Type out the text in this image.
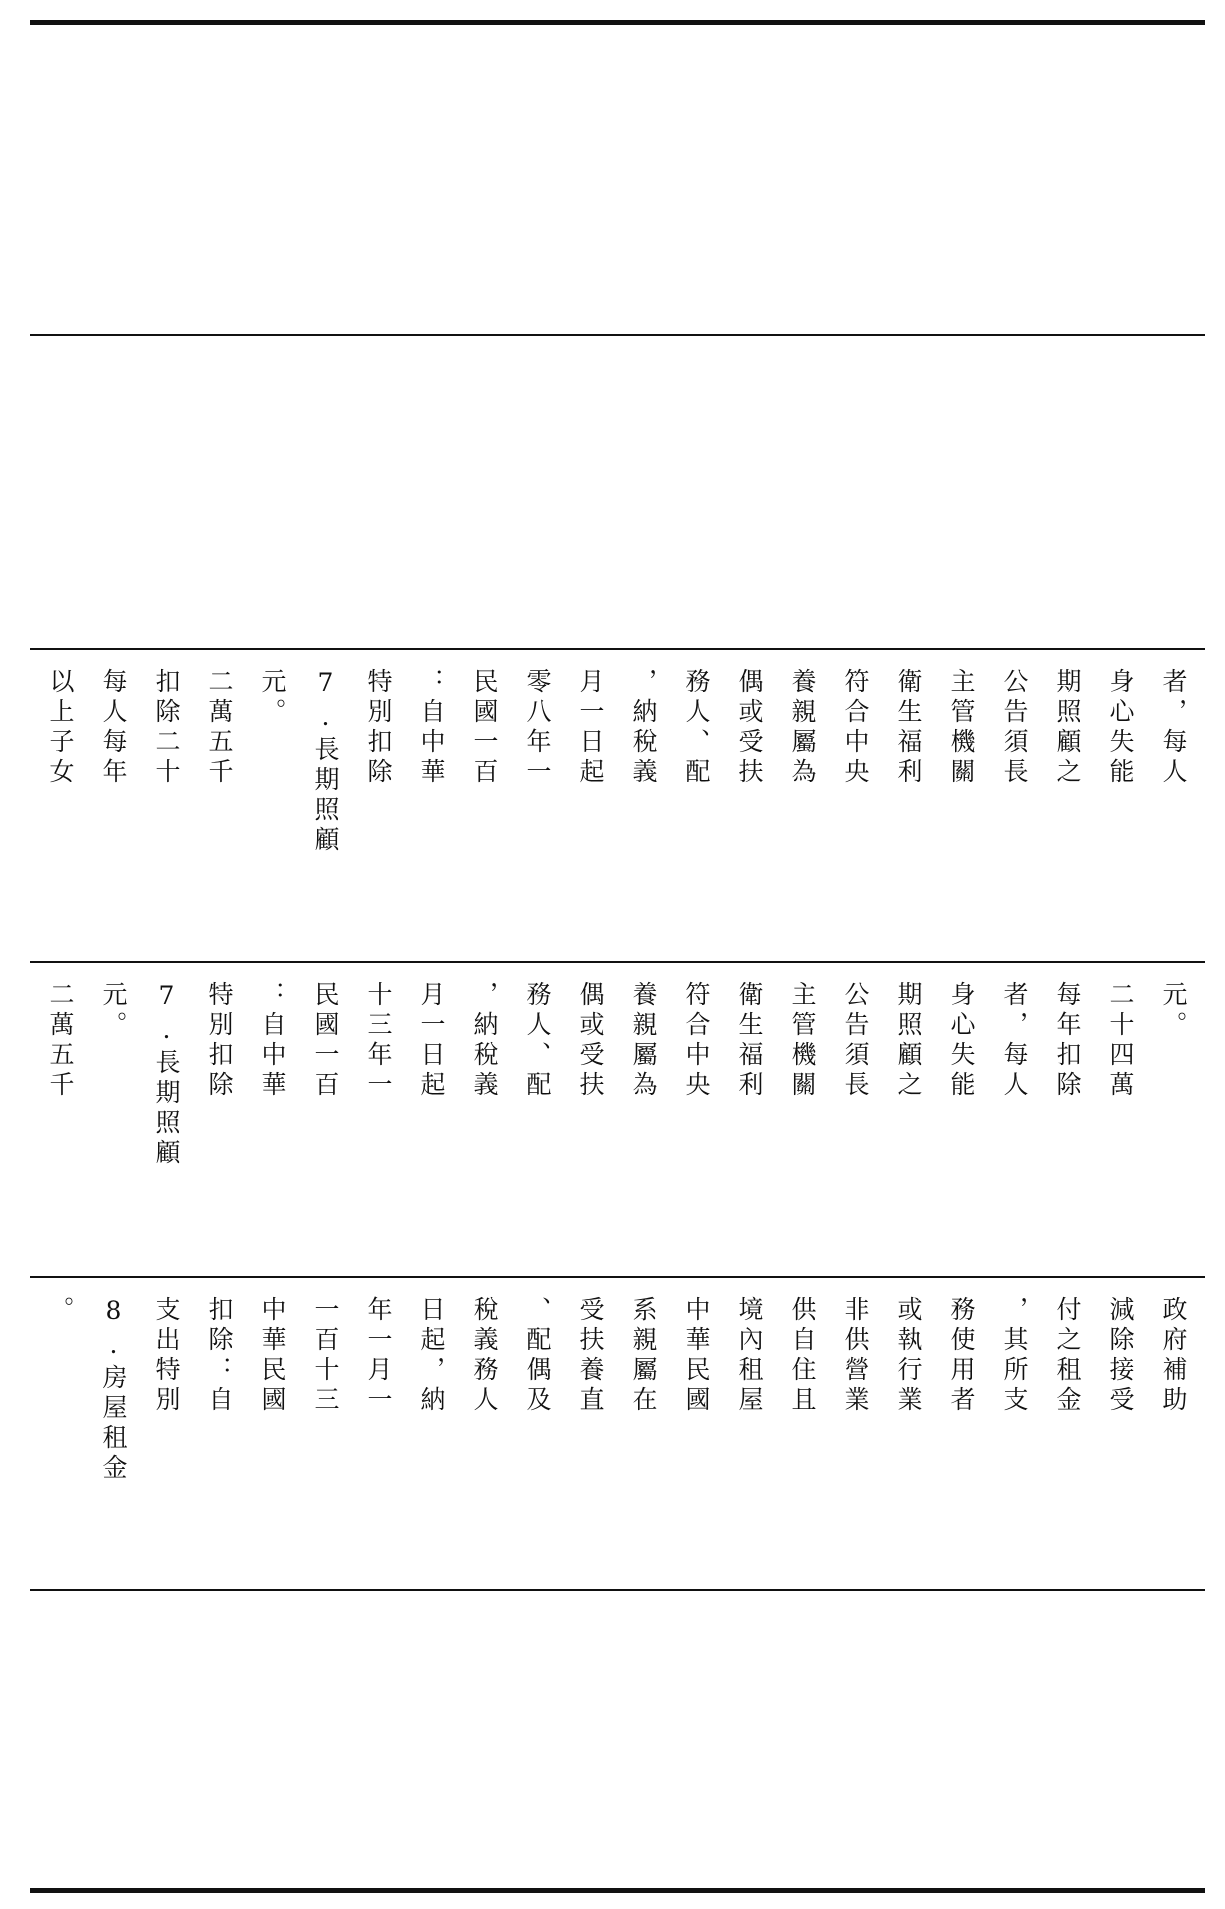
以上子女 每人每年 扣除二十 二萬五千 元。 7.長期照顧 特別扣除 ：自中華 民國一百 零八年一 月一日起 ，納稅義 務人、配 偶或受扶 養親屬為 符合中央 衛生福利 主管機關 公告須長 期照顧之 身心失能 者，每人
二萬五千 元。 7.長期照顧 特別扣除 ：自中華 民國一百 十三年一 月一日起 ，納稅義 務人、配 偶或受扶 養親屬為 符合中央 衛生福利 主管機關 公告須長 期照顧之 身心失能 者，每人 每年扣除 二十四萬 元。
。 8.房屋租金 支出特別 扣除：自 中華民國 一百十三 年一月一 日起，納 稅義務人 、配偶及 受扶養直 系親屬在 中華民國 境內租屋 供自住且 非供營業 或執行業 務使用者 ，其所支 付之租金 減除接受 政府補助
